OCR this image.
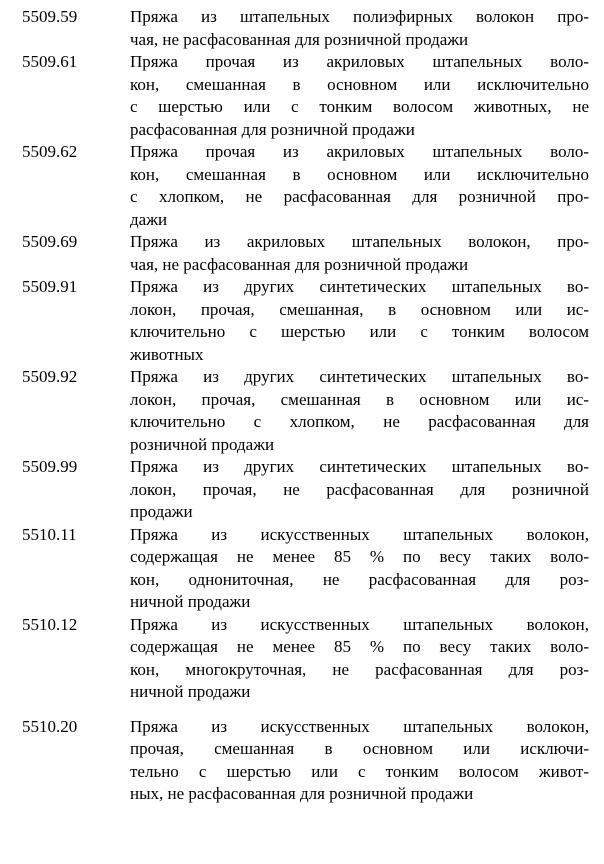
5509.59	Пряжа из штапельных полиэфирных волокон про-
чая, не расфасованная для розничной продажи
5509.61	Пряжа прочая из акриловых штапельных воло-
кон, смешанная в основном или исключительно
с шерстью или с тонким волосом животных, не
расфасованная для розничной продажи
5509.62	Пряжа прочая из акриловых штапельных воло-
кон, смешанная в основном или исключительно
с хлопком, не расфасованная для розничной про-
дажи
5509.69	Пряжа из акриловых штапельных волокон, про-
чая, не расфасованная для розничной продажи
5509.91	Пряжа из других синтетических штапельных во-
локон, прочая, смешанная, в основном или ис-
ключительно с шерстью или с тонким волосом
животных
5509.92	Пряжа из других синтетических штапельных во-
локон, прочая, смешанная в основном или ис-
ключительно с хлопком, не расфасованная для
розничной продажи
5509.99	Пряжа из других синтетических штапельных во-
локон, прочая, не расфасованная для розничной
продажи
5510.11	Пряжа из искусственных штапельных волокон,
содержащая не менее 85 % по весу таких воло-
кон, однониточная, не расфасованная для роз-
ничной продажи
5510.12	Пряжа из искусственных штапельных волокон,
содержащая не менее 85 % по весу таких воло-
кон, многокруточная, не расфасованная для роз-
ничной продажи
5510.20	Пряжа из искусственных штапельных волокон,
прочая, смешанная в основном или исключи-
тельно с шерстью или с тонким волосом живот-
ных, не расфасованная для розничной продажи
